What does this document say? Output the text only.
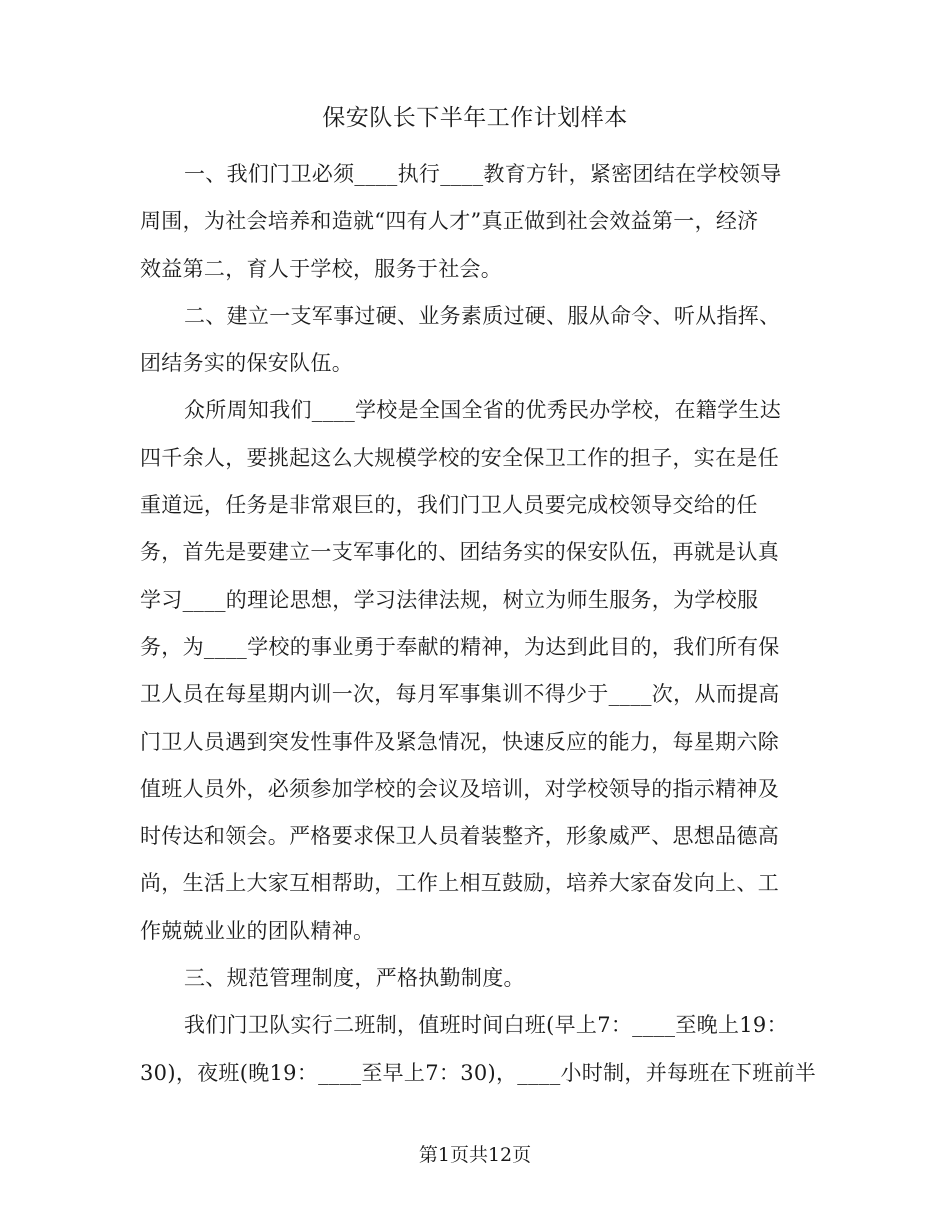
保安队长下半年工作计划样本
一、我们门卫必须____执行____教育方针，紧密团结在学校领导
周围，为社会培养和造就“四有人才”真正做到社会效益第一，经济
效益第二，育人于学校，服务于社会。
二、建立一支军事过硬、业务素质过硬、服从命令、听从指挥、
团结务实的保安队伍。
众所周知我们____学校是全国全省的优秀民办学校，在籍学生达
四千余人，要挑起这么大规模学校的安全保卫工作的担子，实在是任
重道远，任务是非常艰巨的，我们门卫人员要完成校领导交给的任
务，首先是要建立一支军事化的、团结务实的保安队伍，再就是认真
学习____的理论思想，学习法律法规，树立为师生服务，为学校服
务，为____学校的事业勇于奉献的精神，为达到此目的，我们所有保
卫人员在每星期内训一次，每月军事集训不得少于____次，从而提高
门卫人员遇到突发性事件及紧急情况，快速反应的能力，每星期六除
值班人员外，必须参加学校的会议及培训，对学校领导的指示精神及
时传达和领会。严格要求保卫人员着装整齐，形象威严、思想品德高
尚，生活上大家互相帮助，工作上相互鼓励，培养大家奋发向上、工
作兢兢业业的团队精神。
三、规范管理制度，严格执勤制度。
我们门卫队实行二班制，值班时间白班(早上7：____至晚上19：
30)，夜班(晚19：____至早上7：30)，____小时制，并每班在下班前半
第1页共12页
